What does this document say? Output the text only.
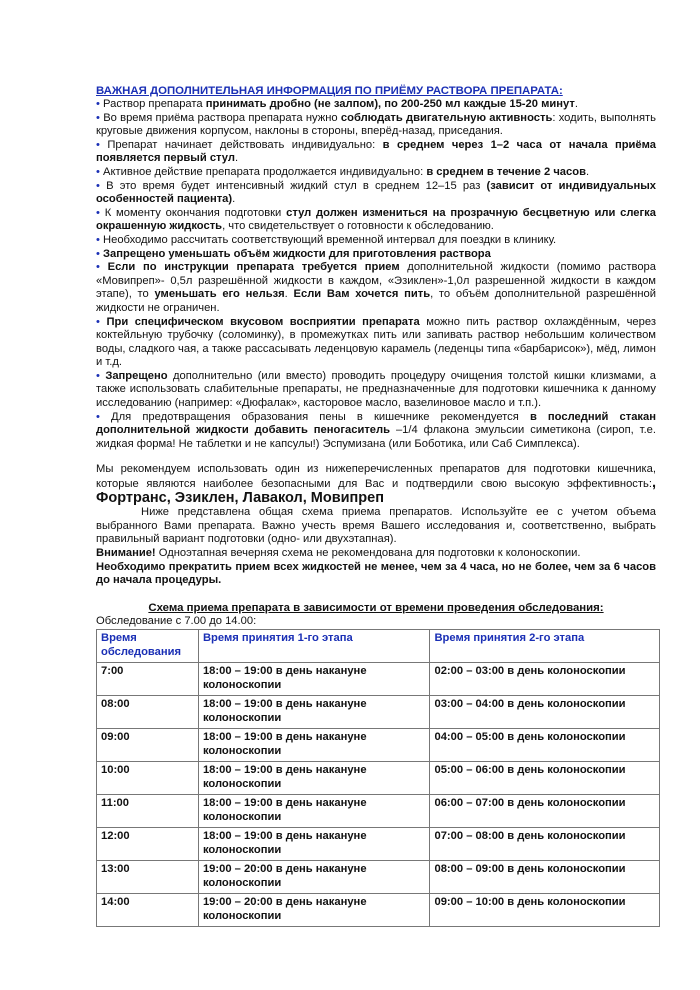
ВАЖНАЯ ДОПОЛНИТЕЛЬНАЯ ИНФОРМАЦИЯ ПО ПРИЁМУ РАСТВОРА ПРЕПАРАТА:

• Раствор препарата принимать дробно (не залпом), по 200-250 мл каждые 15-20 минут.

• Во время приёма раствора препарата нужно соблюдать двигательную активность: ходить, выполнять круговые движения корпусом, наклоны в стороны, вперёд-назад, приседания.

• Препарат начинает действовать индивидуально: в среднем через 1–2 часа от начала приёма появляется первый стул.

• Активное действие препарата продолжается индивидуально: в среднем в течение 2 часов.

• В это время будет интенсивный жидкий стул в среднем 12–15 раз (зависит от индивидуальных особенностей пациента).

• К моменту окончания подготовки стул должен измениться на прозрачную бесцветную или слегка окрашенную жидкость, что свидетельствует о готовности к обследованию.

• Необходимо рассчитать соответствующий временной интервал для поездки в клинику.

• Запрещено уменьшать объём жидкости для приготовления раствора

• Если по инструкции препарата требуется прием дополнительной жидкости (помимо раствора «Мовипреп»- 0,5л разрешённой жидкости в каждом, «Эзиклен»-1,0л разрешенной жидкости в каждом этапе), то уменьшать его нельзя. Если Вам хочется пить, то объём дополнительной разрешённой жидкости не ограничен.

• При специфическом вкусовом восприятии препарата можно пить раствор охлаждённым, через коктейльную трубочку (соломинку), в промежутках пить или запивать раствор небольшим количеством воды, сладкого чая, а также рассасывать леденцовую карамель (леденцы типа «барбарисок»), мёд, лимон и т.д.

• Запрещено дополнительно (или вместо) проводить процедуру очищения толстой кишки клизмами, а также использовать слабительные препараты, не предназначенные для подготовки кишечника к данному исследованию (например: «Дюфалак», касторовое масло, вазелиновое масло и т.п.).

• Для предотвращения образования пены в кишечнике рекомендуется в последний стакан дополнительной жидкости добавить пеногаситель –1/4 флакона эмульсии симетикона (сироп, т.е. жидкая форма! Не таблетки и не капсулы!) Эспумизана (или Боботика, или Саб Симплекса).

Мы рекомендуем использовать один из нижеперечисленных препаратов для подготовки кишечника, которые являются наиболее безопасными для Вас и подтвердили свою высокую эффективность:, Фортранс, Эзиклен, Лавакол, Мовипреп

Ниже представлена общая схема приема препаратов. Используйте ее с учетом объема выбранного Вами препарата. Важно учесть время Вашего исследования и, соответственно, выбрать правильный вариант подготовки (одно- или двухэтапная).

Внимание! Одноэтапная вечерняя схема не рекомендована для подготовки к колоноскопии.

Необходимо прекратить прием всех жидкостей не менее, чем за 4 часа, но не более, чем за 6 часов до начала процедуры.

Схема приема препарата в зависимости от времени проведения обследования:
Обследование с 7.00 до 14.00:
Время обследования	Время принятия 1-го этапа	Время принятия 2-го этапа
7:00	18:00 – 19:00 в день накануне колоноскопии	02:00 – 03:00 в день колоноскопии
08:00	18:00 – 19:00 в день накануне колоноскопии	03:00 – 04:00 в день колоноскопии
09:00	18:00 – 19:00 в день накануне колоноскопии	04:00 – 05:00 в день колоноскопии
10:00	18:00 – 19:00 в день накануне колоноскопии	05:00 – 06:00 в день колоноскопии
11:00	18:00 – 19:00 в день накануне колоноскопии	06:00 – 07:00 в день колоноскопии
12:00	18:00 – 19:00 в день накануне колоноскопии	07:00 – 08:00 в день колоноскопии
13:00	19:00 – 20:00 в день накануне колоноскопии	08:00 – 09:00 в день колоноскопии
14:00	19:00 – 20:00 в день накануне колоноскопии	09:00 – 10:00 в день колоноскопии
